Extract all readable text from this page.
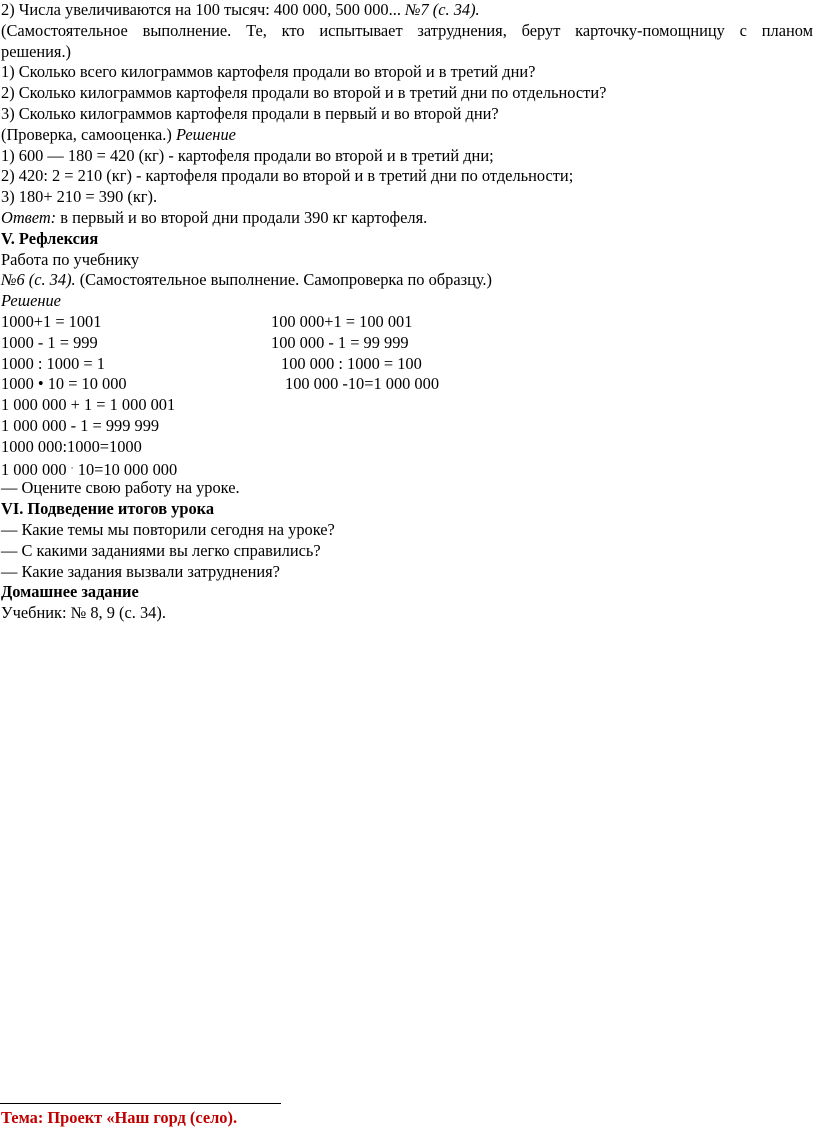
2) Числа увеличиваются на 100 тысяч: 400 000, 500 000... №7 (с. 34).
(Самостоятельное выполнение. Те, кто испытывает затруднения, берут карточку-помощницу с планом
решения.)
1) Сколько всего килограммов картофеля продали во второй и в третий дни?
2) Сколько килограммов картофеля продали во второй и в третий дни по отдельности?
3) Сколько килограммов картофеля продали в первый и во второй дни?
(Проверка, самооценка.) Решение
1) 600 — 180 = 420 (кг) - картофеля продали во второй и в третий дни;
2) 420: 2 = 210 (кг) - картофеля продали во второй и в третий дни по отдельности;
3) 180+ 210 = 390 (кг).
Ответ: в первый и во второй дни продали 390 кг картофеля.
V. Рефлексия
Работа по учебнику
№6 (с. 34). (Самостоятельное выполнение. Самопроверка по образцу.)
Решение
1000+1 = 1001	100 000+1 = 100 001
1000 - 1 = 999	100 000 - 1 = 99 999
1000 : 1000 = 1	100 000 : 1000 = 100
1000 • 10 = 10 000	100 000 -10=1 000 000
1 000 000 + 1 = 1 000 001
1 000 000 - 1 = 999 999
1000 000:1000=1000
1 000 000 · 10=10 000 000
— Оцените свою работу на уроке.
VI. Подведение итогов урока
— Какие темы мы повторили сегодня на уроке?
— С какими заданиями вы легко справились?
— Какие задания вызвали затруднения?
Домашнее задание
Учебник: № 8, 9 (с. 34).
Тема: Проект «Наш горд (село).
